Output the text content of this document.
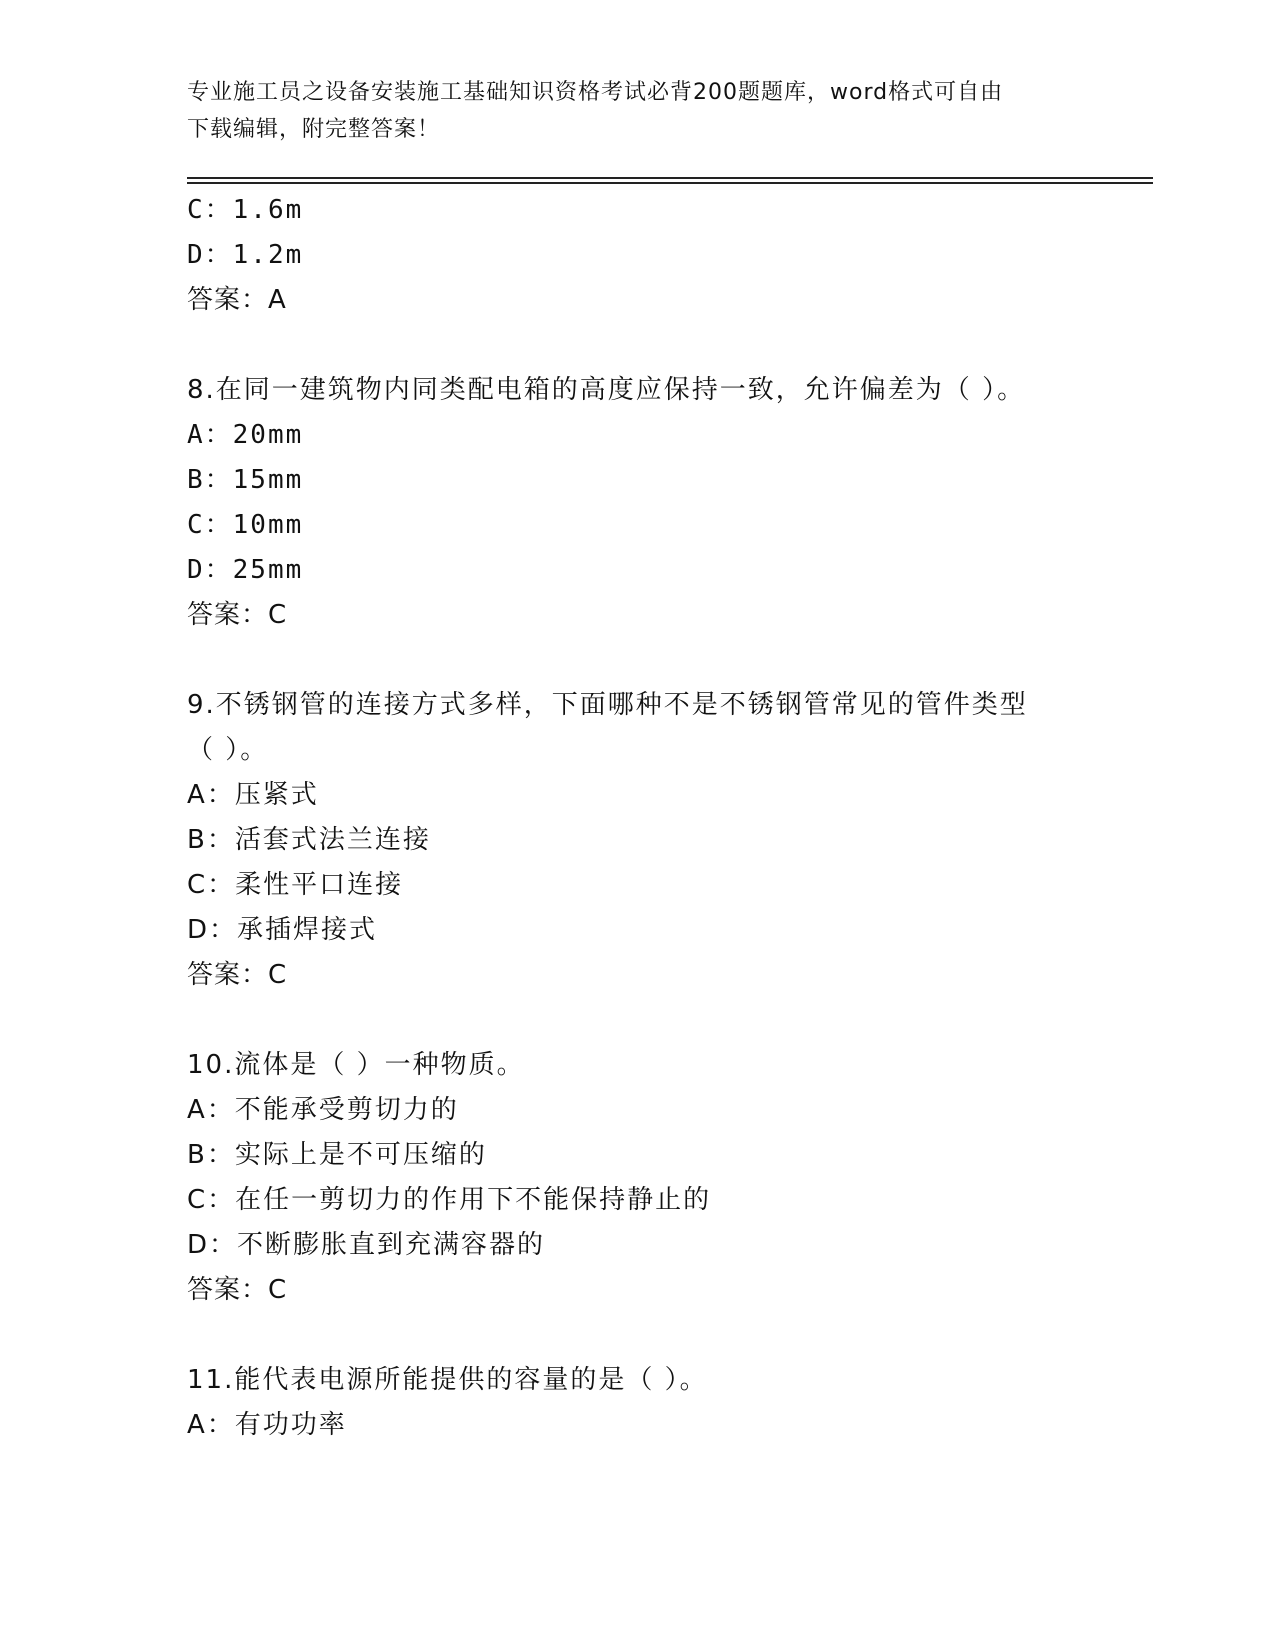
专业施工员之设备安装施工基础知识资格考试必背200题题库，word格式可自由
下载编辑，附完整答案！
C：1.6m
D：1.2m
答案：A
8.在同一建筑物内同类配电箱的高度应保持一致，允许偏差为（ ）。
A：20mm
B：15mm
C：10mm
D：25mm
答案：C
9.不锈钢管的连接方式多样，下面哪种不是不锈钢管常见的管件类型
（ ）。
A：压紧式
B：活套式法兰连接
C：柔性平口连接
D：承插焊接式
答案：C
10.流体是（ ）一种物质。
A：不能承受剪切力的
B：实际上是不可压缩的
C：在任一剪切力的作用下不能保持静止的
D：不断膨胀直到充满容器的
答案：C
11.能代表电源所能提供的容量的是（ ）。
A：有功功率
